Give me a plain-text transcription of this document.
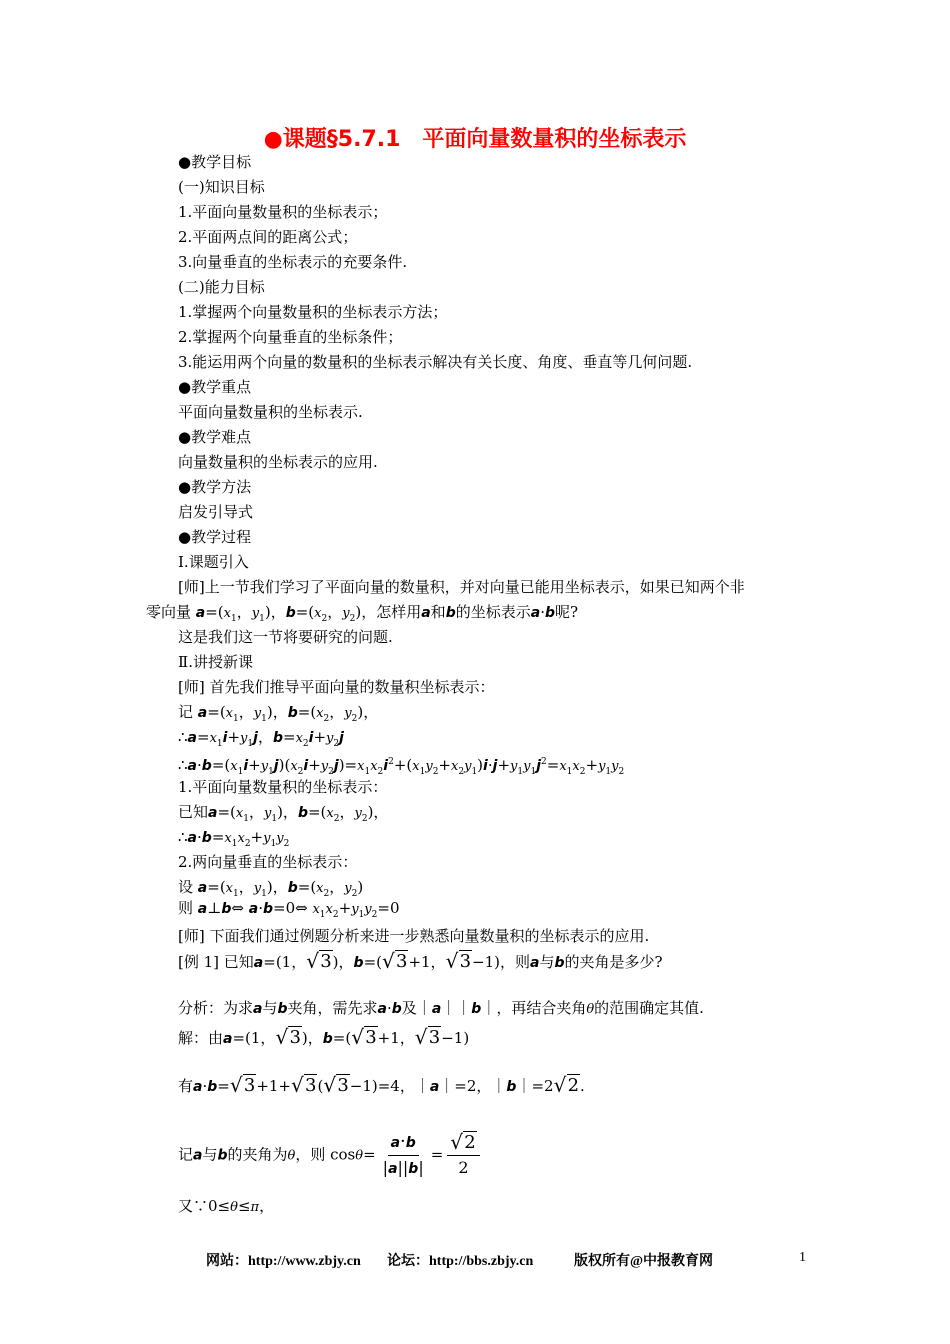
●课题§5.7.1　平面向量数量积的坐标表示
●教学目标
(一)知识目标
1.平面向量数量积的坐标表示；
2.平面两点间的距离公式；
3.向量垂直的坐标表示的充要条件.
(二)能力目标
1.掌握两个向量数量积的坐标表示方法；
2.掌握两个向量垂直的坐标条件；
3.能运用两个向量的数量积的坐标表示解决有关长度、角度、垂直等几何问题.
●教学重点
平面向量数量积的坐标表示.
●教学难点
向量数量积的坐标表示的应用.
●教学方法
启发引导式
●教学过程
Ⅰ.课题引入
[师]上一节我们学习了平面向量的数量积，并对向量已能用坐标表示，如果已知两个非
零向量 $a=(x_1$，$y_1$)，$b=(x_2$，$y_2$)，怎样用a和b的坐标表示a·b呢?
这是我们这一节将要研究的问题.
Ⅱ.讲授新课
[师] 首先我们推导平面向量的数量积坐标表示：
记 $a=(x_1$，$y_1$)，$b=(x_2$，$y_2$)，
$\therefore a=x_1i+y_1j$，$b=x_2i+y_2j$
$\therefore a\cdot b=(x_1i+y_1j)(x_2i+y_2j)=x_1x_2i^2+(x_1y_2+x_2y_1)i\cdot j+y_1y_1j^2=x_1x_2+y_1y_2$
1.平面向量数量积的坐标表示：
已知$a=(x_1$，$y_1$)，$b=(x_2$，$y_2$)，
$\therefore a\cdot b=x_1x_2+y_1y_2$
2.两向量垂直的坐标表示：
设 $a=(x_1$，$y_1$)，$b=(x_2$，$y_2$)
则 a⊥b⇔ a·b=0⇔ $x_1x_2+y_1y_2=0$
[师] 下面我们通过例题分析来进一步熟悉向量数量积的坐标表示的应用.
[例 1] 已知a=(1， √ 3)，b=( √ 3+1， √ 3−1)，则a与b的夹角是多少?
分析：为求a与b夹角，需先求a·b及｜a｜｜b｜，再结合夹角θ的范围确定其值.
解：由a=(1， √ 3)，b=( √ 3+1， √ 3−1)
有a·b= √ 3+1+ √ 3( √ 3−1)=4，｜a｜=2，｜b｜=2 √ 2.
记a与b的夹角为θ，则 $\cos\theta= \frac{a\cdot b}{|a||b|}$ = √ $\frac{2}{2}$
又∵0≤θ≤π，
网站：http://www.zbjy.cn 论坛：http://bbs.zbjy.cn	版权所有@中报教育网	1
